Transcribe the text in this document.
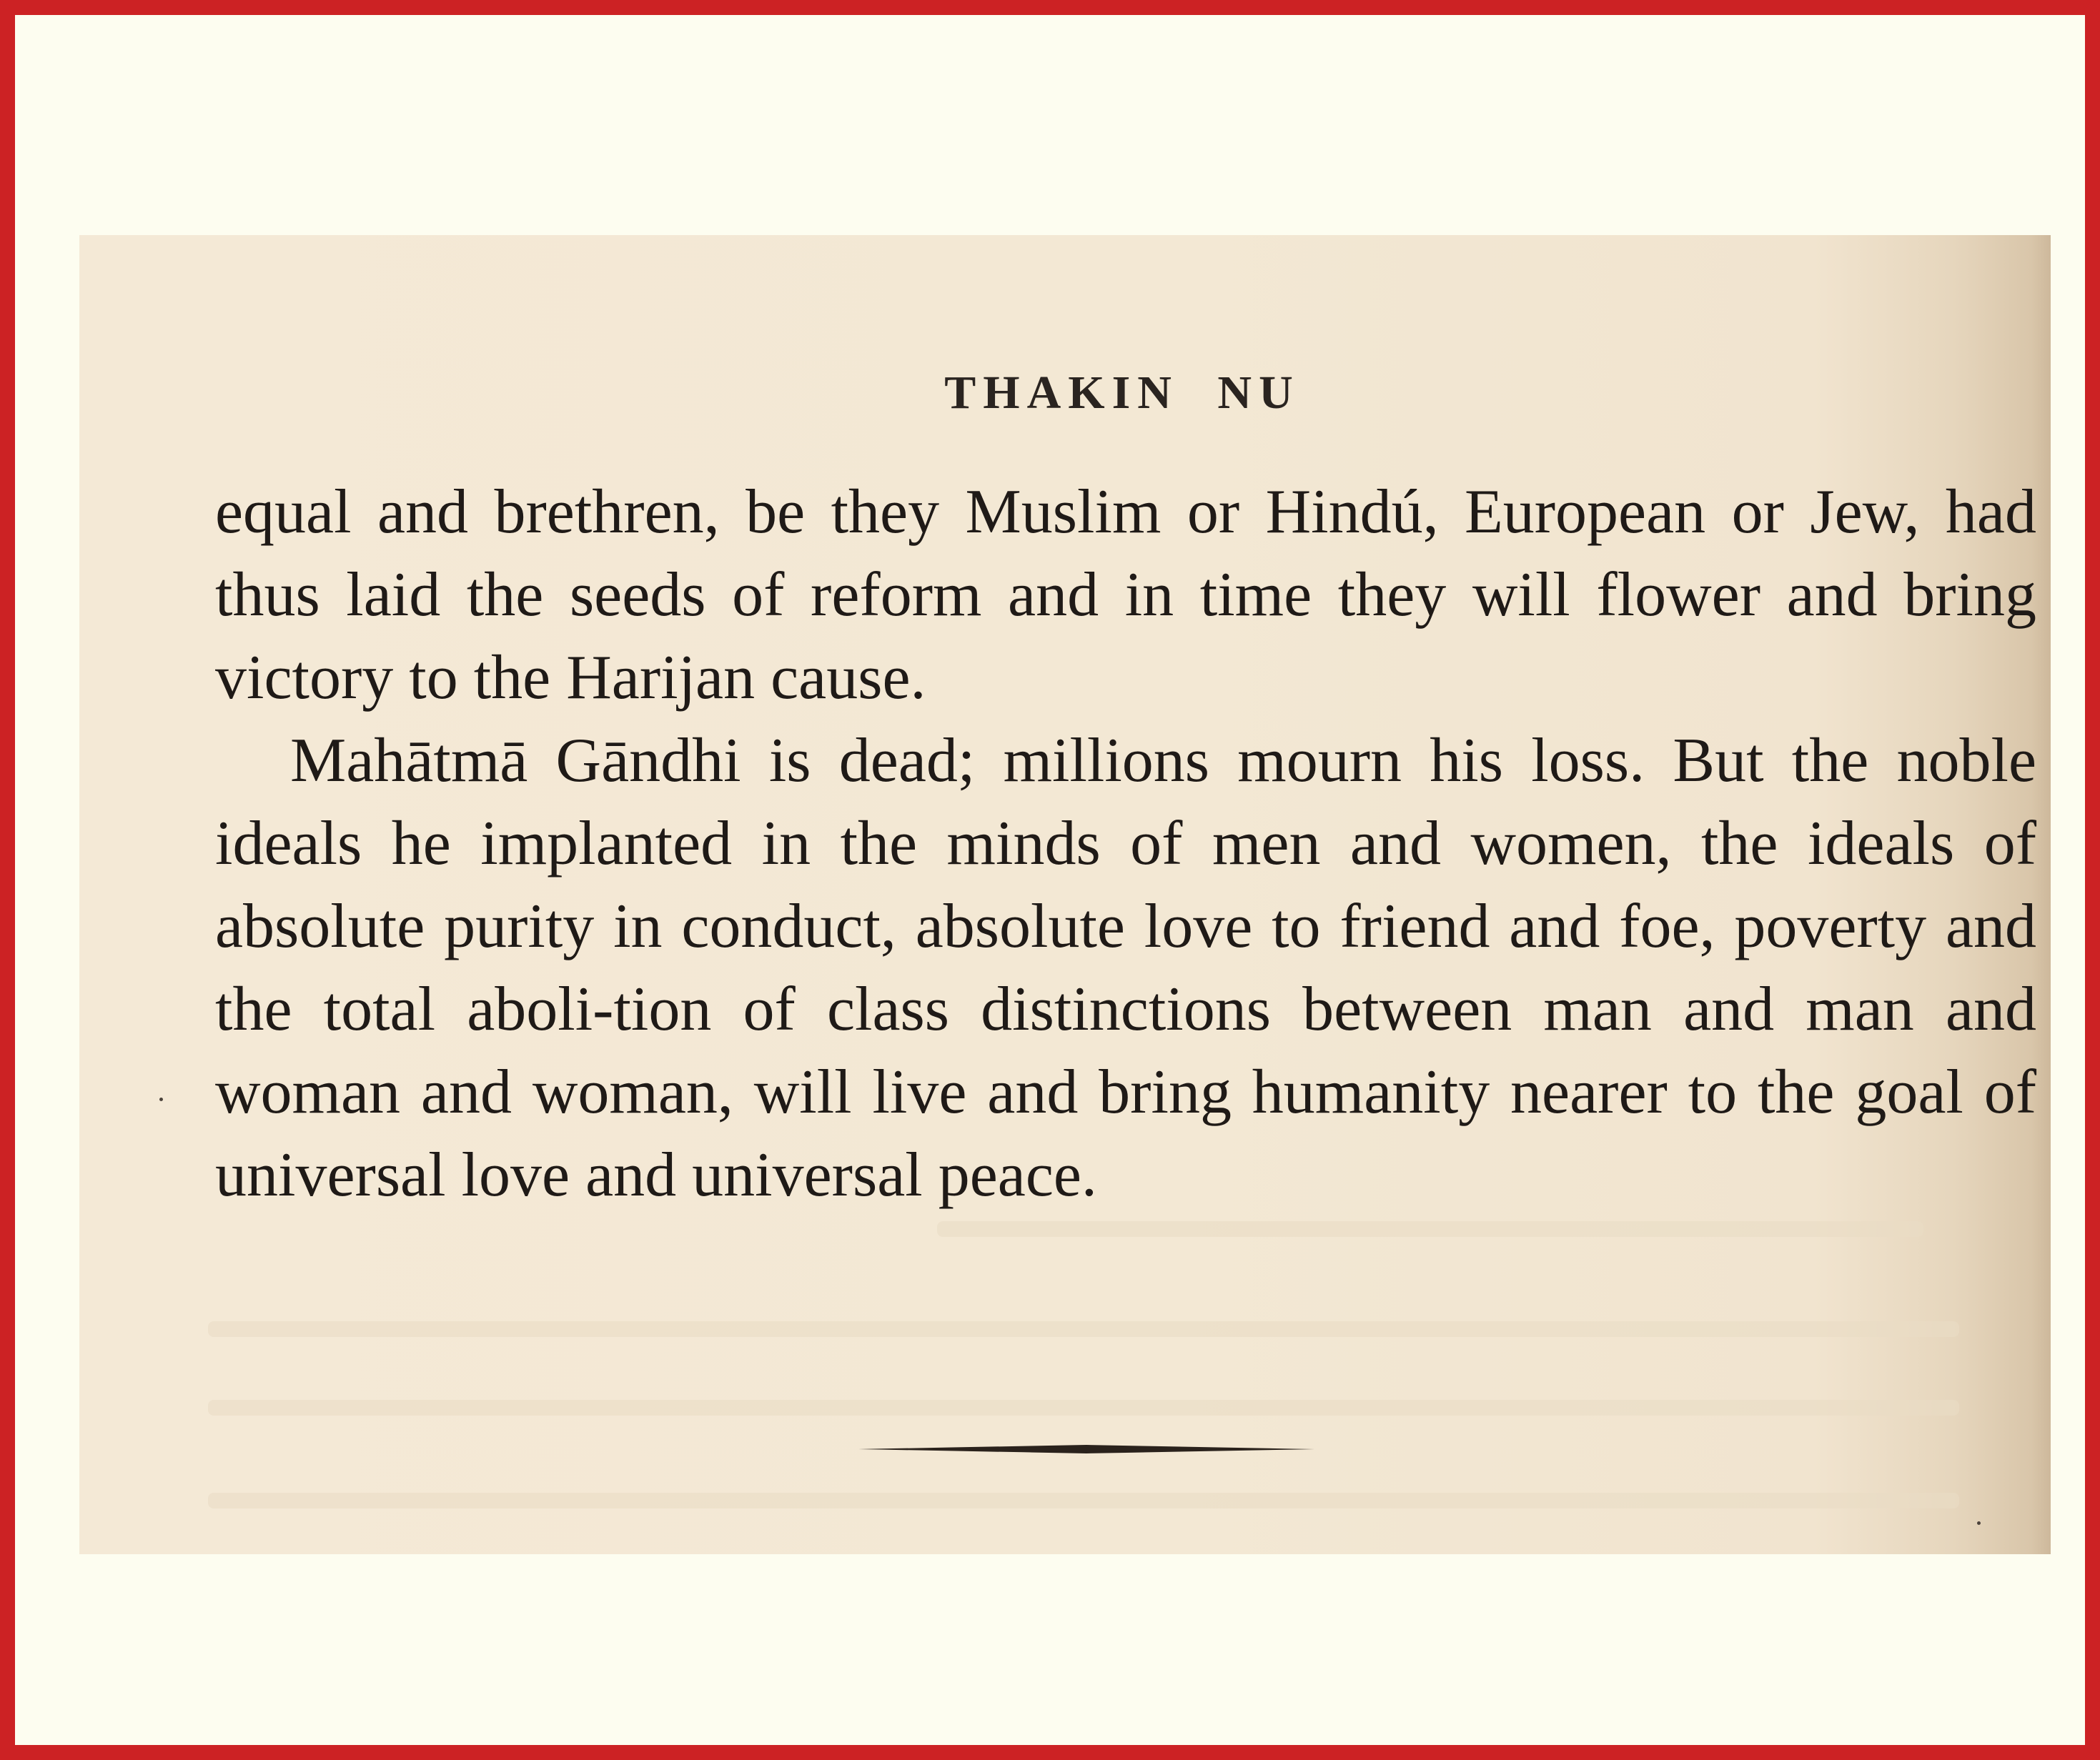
THAKIN NU

equal and brethren, be they Muslim or Hindú, European or Jew, had thus laid the seeds of reform and in time they will flower and bring victory to the Harijan cause.

Mahātmā Gāndhi is dead; millions mourn his loss. But the noble ideals he implanted in the minds of men and women, the ideals of absolute purity in conduct, absolute love to friend and foe, poverty and the total aboli-tion of class distinctions between man and man and woman and woman, will live and bring humanity nearer to the goal of universal love and universal peace.
